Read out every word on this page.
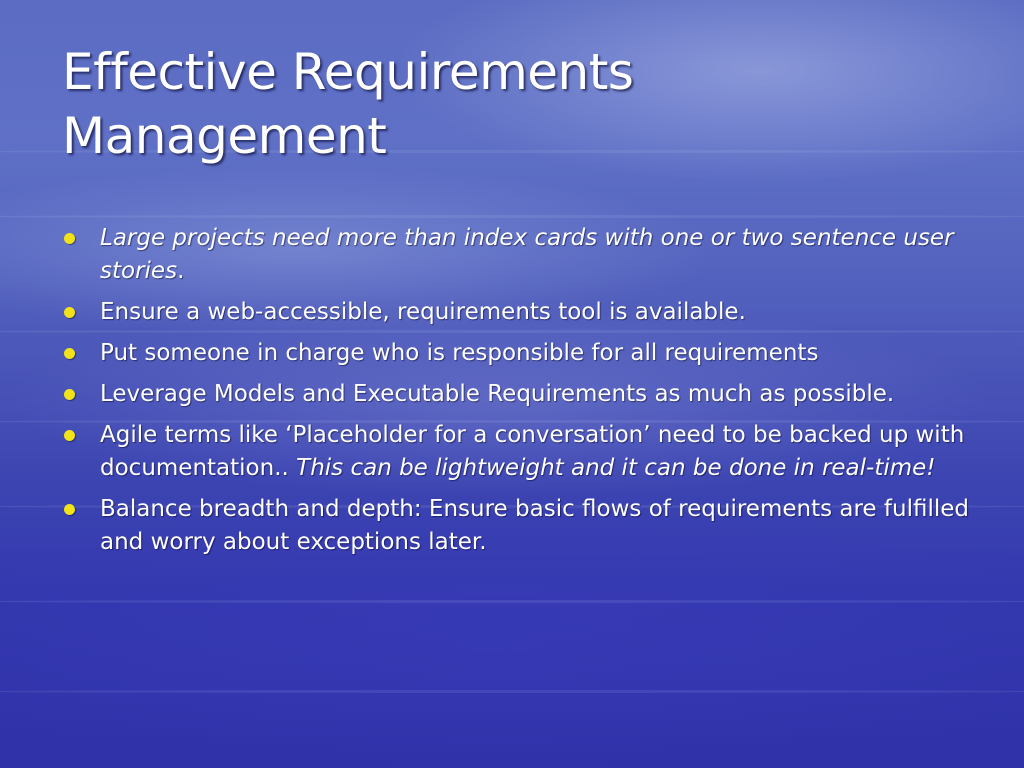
Effective Requirements
Management
Large projects need more than index cards with one or two sentence user stories.
Ensure a web-accessible, requirements tool is available.
Put someone in charge who is responsible for all requirements
Leverage Models and Executable Requirements as much as possible.
Agile terms like ‘Placeholder for a conversation’ need to be backed up with documentation.. This can be lightweight and it can be done in real-time!
Balance breadth and depth: Ensure basic flows of requirements are fulfilled and worry about exceptions later.
